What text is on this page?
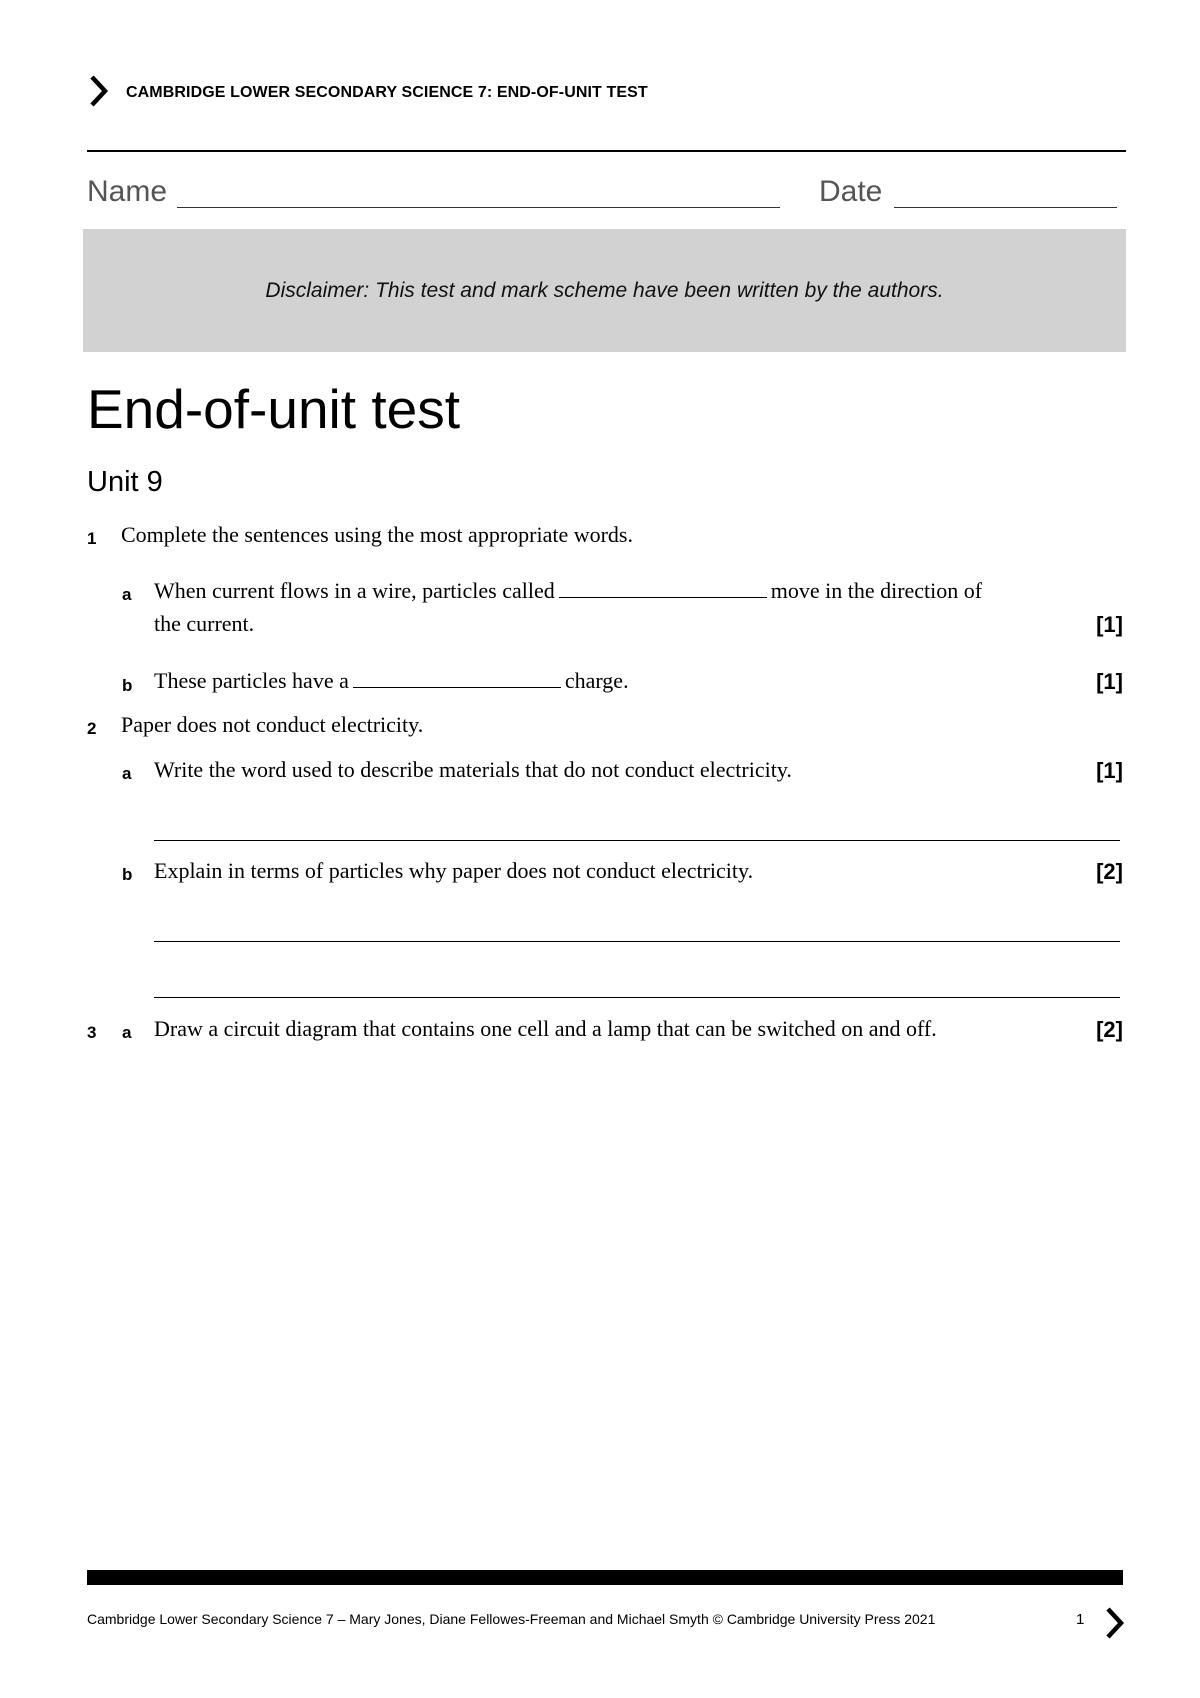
CAMBRIDGE LOWER SECONDARY SCIENCE 7: END-OF-UNIT TEST
Name	Date
Disclaimer: This test and mark scheme have been written by the authors.
End-of-unit test
Unit 9
1 Complete the sentences using the most appropriate words.
a When current flows in a wire, particles called	move in the direction of
the current.	[1]
b These particles have a	charge.	[1]
2 Paper does not conduct electricity.
a Write the word used to describe materials that do not conduct electricity.	[1]
b Explain in terms of particles why paper does not conduct electricity.	[2]
3 a Draw a circuit diagram that contains one cell and a lamp that can be switched on and off.	[2]
Cambridge Lower Secondary Science 7 – Mary Jones, Diane Fellowes-Freeman and Michael Smyth © Cambridge University Press 2021	1
